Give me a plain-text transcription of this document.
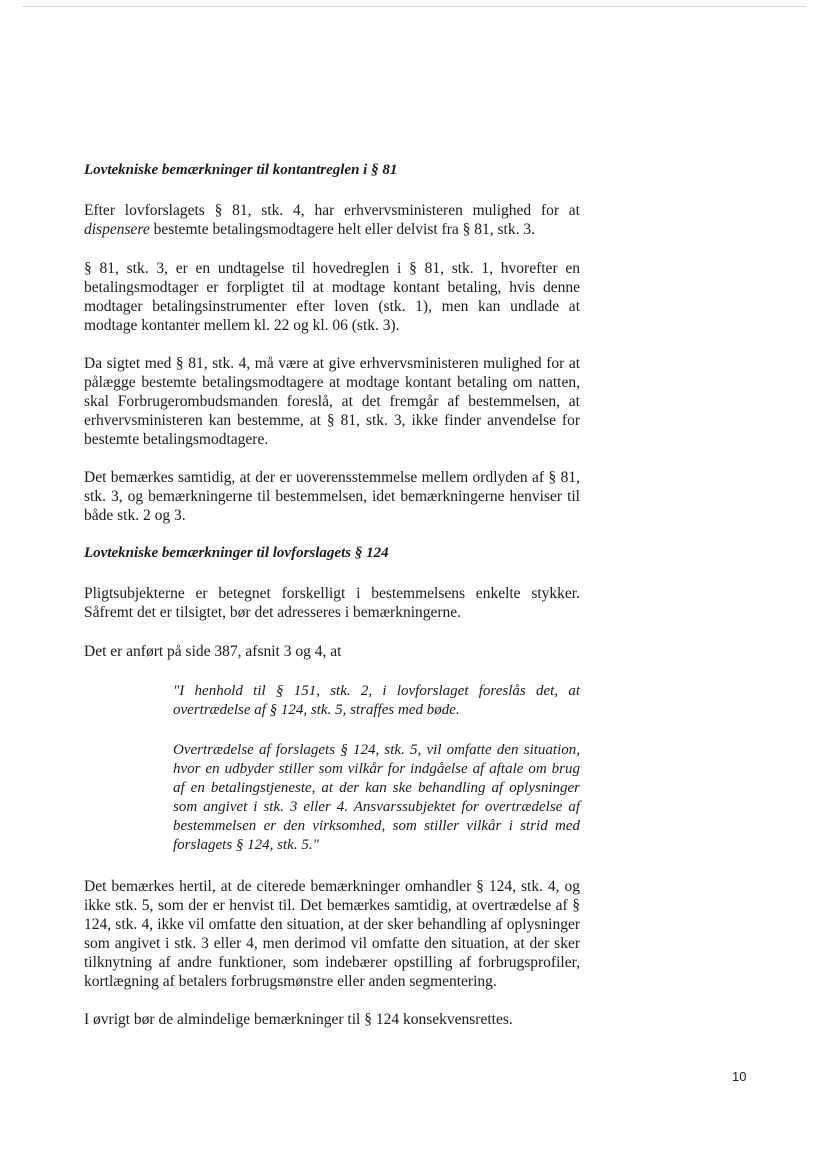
Lovtekniske bemærkninger til kontantreglen i § 81

Efter lovforslagets § 81, stk. 4, har erhvervsministeren mulighed for at dispensere bestemte betalingsmodtagere helt eller delvist fra § 81, stk. 3.

§ 81, stk. 3, er en undtagelse til hovedreglen i § 81, stk. 1, hvorefter en betalingsmodtager er forpligtet til at modtage kontant betaling, hvis denne modtager betalingsinstrumenter efter loven (stk. 1), men kan undlade at modtage kontanter mellem kl. 22 og kl. 06 (stk. 3).

Da sigtet med § 81, stk. 4, må være at give erhvervsministeren mulighed for at pålægge bestemte betalingsmodtagere at modtage kontant betaling om natten, skal Forbrugerombudsmanden foreslå, at det fremgår af bestemmelsen, at erhvervsministeren kan bestemme, at § 81, stk. 3, ikke finder anvendelse for bestemte betalingsmodtagere.

Det bemærkes samtidig, at der er uoverensstemmelse mellem ordlyden af § 81, stk. 3, og bemærkningerne til bestemmelsen, idet bemærkningerne henviser til både stk. 2 og 3.

Lovtekniske bemærkninger til lovforslagets § 124

Pligtsubjekterne er betegnet forskelligt i bestemmelsens enkelte stykker. Såfremt det er tilsigtet, bør det adresseres i bemærkningerne.

Det er anført på side 387, afsnit 3 og 4, at

"I henhold til § 151, stk. 2, i lovforslaget foreslås det, at overtrædelse af § 124, stk. 5, straffes med bøde.

Overtrædelse af forslagets § 124, stk. 5, vil omfatte den situation, hvor en udbyder stiller som vilkår for indgåelse af aftale om brug af en betalingstjeneste, at der kan ske behandling af oplysninger som angivet i stk. 3 eller 4. Ansvarssubjektet for overtrædelse af bestemmelsen er den virksomhed, som stiller vilkår i strid med forslagets § 124, stk. 5."

Det bemærkes hertil, at de citerede bemærkninger omhandler § 124, stk. 4, og ikke stk. 5, som der er henvist til. Det bemærkes samtidig, at overtrædelse af § 124, stk. 4, ikke vil omfatte den situation, at der sker behandling af oplysninger som angivet i stk. 3 eller 4, men derimod vil omfatte den situation, at der sker tilknytning af andre funktioner, som indebærer opstilling af forbrugsprofiler, kortlægning af betalers forbrugsmønstre eller anden segmentering.

I øvrigt bør de almindelige bemærkninger til § 124 konsekvensrettes.

10
